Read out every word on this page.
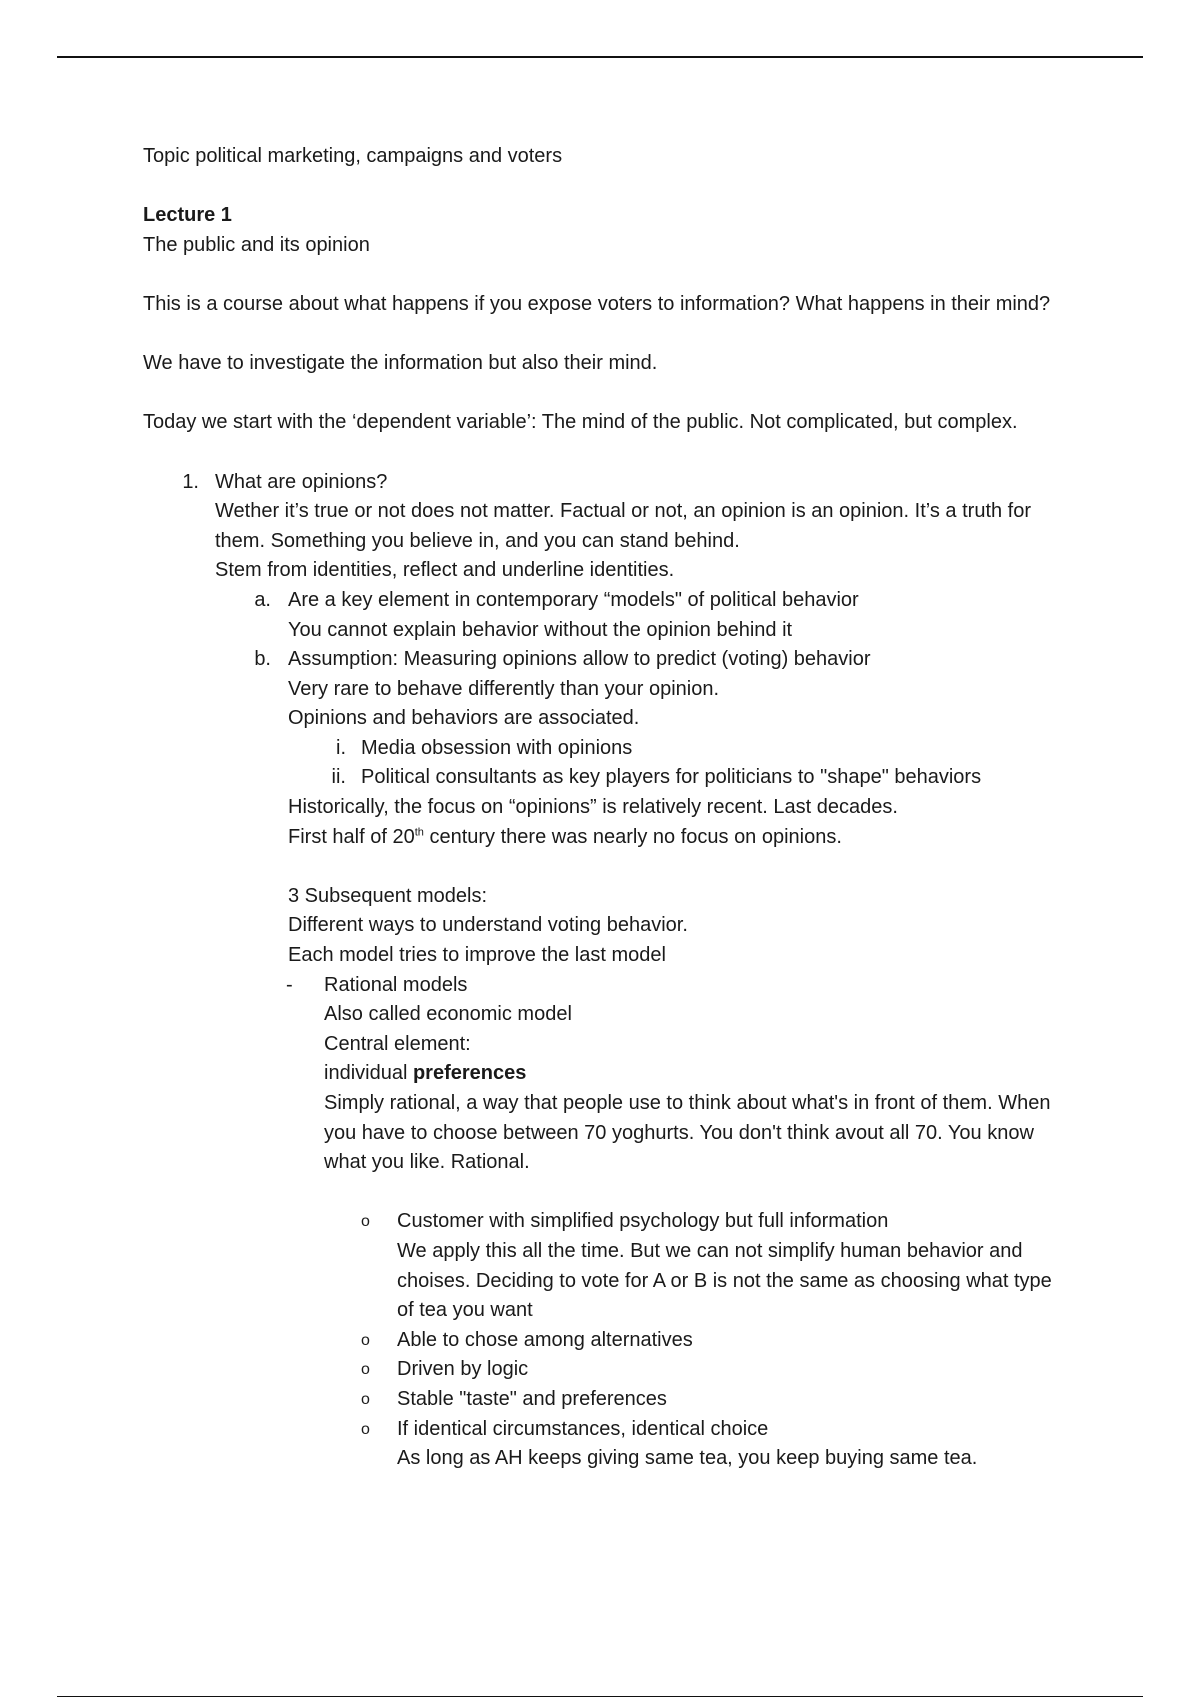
Topic political marketing, campaigns and voters

Lecture 1

The public and its opinion

This is a course about what happens if you expose voters to information? What happens in their mind?

We have to investigate the information but also their mind.

Today we start with the ‘dependent variable’: The mind of the public. Not complicated, but complex.

1. What are opinions?
Wether it’s true or not does not matter. Factual or not, an opinion is an opinion. It’s a truth for them. Something you believe in, and you can stand behind.
Stem from identities, reflect and underline identities.
a. Are a key element in contemporary “models" of political behavior
You cannot explain behavior without the opinion behind it
b. Assumption: Measuring opinions allow to predict (voting) behavior
Very rare to behave differently than your opinion.
Opinions and behaviors are associated.
i. Media obsession with opinions
ii. Political consultants as key players for politicians to "shape" behaviors
Historically, the focus on “opinions” is relatively recent. Last decades.
First half of 20th century there was nearly no focus on opinions.
3 Subsequent models:
Different ways to understand voting behavior.
Each model tries to improve the last model
- Rational models
Also called economic model
Central element:
individual preferences
Simply rational, a way that people use to think about what's in front of them. When you have to choose between 70 yoghurts. You don't think avout all 70. You know what you like. Rational.
o Customer with simplified psychology but full information
We apply this all the time. But we can not simplify human behavior and choises. Deciding to vote for A or B is not the same as choosing what type of tea you want
o Able to chose among alternatives
o Driven by logic
o Stable "taste" and preferences
o If identical circumstances, identical choice
As long as AH keeps giving same tea, you keep buying same tea.
